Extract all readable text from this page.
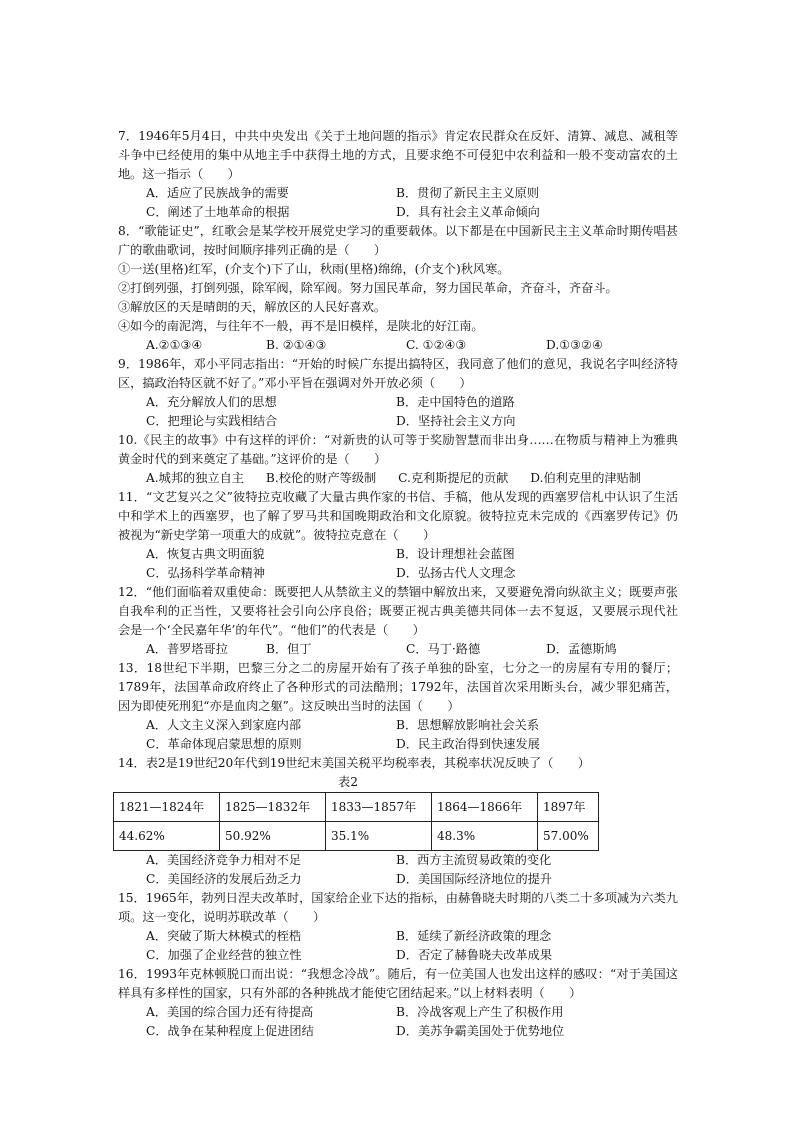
7．1946年5月4日，中共中央发出《关于土地问题的指示》肯定农民群众在反奸、清算、减息、减租等斗争中已经使用的集中从地主手中获得土地的方式，且要求绝不可侵犯中农利益和一般不变动富农的土地。这一指示（　　）
A．适应了民族战争的需要	B．贯彻了新民主主义原则
C．阐述了土地革命的根据	D．具有社会主义革命倾向
8．“歌能证史”，红歌会是某学校开展党史学习的重要载体。以下都是在中国新民主主义革命时期传唱甚广的歌曲歌词，按时间顺序排列正确的是（　　）
①一送(里格)红军，(介支个)下了山，秋雨(里格)绵绵，(介支个)秋风寒。
②打倒列强，打倒列强，除军阀，除军阀。努力国民革命，努力国民革命，齐奋斗，齐奋斗。
③解放区的天是晴朗的天，解放区的人民好喜欢。
④如今的南泥湾，与往年不一般，再不是旧模样，是陕北的好江南。
A.②①③④	B. ②①④③	C. ①②④③	D.①③②④
9．1986年，邓小平同志指出：“开始的时候广东提出搞特区，我同意了他们的意见，我说名字叫经济特区，搞政治特区就不好了。”邓小平旨在强调对外开放必须（　　）
A．充分解放人们的思想	B．走中国特色的道路
C．把理论与实践相结合	D．坚持社会主义方向
10.《民主的故事》中有这样的评价：“对新贵的认可等于奖励智慧而非出身……在物质与精神上为雅典黄金时代的到来奠定了基础。”这评价的是（　　）
A.城邦的独立自主 B.校伦的财产等级制 C.克利斯提尼的贡献 D.伯利克里的津贴制
11．“文艺复兴之父”彼特拉克收藏了大量古典作家的书信、手稿，他从发现的西塞罗信札中认识了生活中和学术上的西塞罗，也了解了罗马共和国晚期政治和文化原貌。彼特拉克未完成的《西塞罗传记》仍被视为“新史学第一项重大的成就”。彼特拉克意在（　　）
A．恢复古典文明面貌	B．设计理想社会蓝图
C．弘扬科学革命精神	D．弘扬古代人文理念
12．“他们面临着双重使命：既要把人从禁欲主义的禁锢中解放出来，又要避免滑向纵欲主义；既要声张自我牟利的正当性，又要将社会引向公序良俗；既要正视古典美德共同体一去不复返，又要展示现代社会是一个‘全民嘉年华’的年代”。“他们”的代表是（　　）
A．普罗塔哥拉	B．但丁	C．马丁·路德	D．孟德斯鸠
13．18世纪下半期，巴黎三分之二的房屋开始有了孩子单独的卧室，七分之一的房屋有专用的餐厅；1789年，法国革命政府终止了各种形式的司法酷刑；1792年，法国首次采用断头台，减少罪犯痛苦，因为即使死刑犯“亦是血肉之躯”。这反映出当时的法国（　　）
A．人文主义深入到家庭内部	B．思想解放影响社会关系
C．革命体现启蒙思想的原则	D．民主政治得到快速发展
14．表2是19世纪20年代到19世纪末美国关税平均税率表，其税率状况反映了（　　）
表2
1821—1824年	1825—1832年	1833—1857年	1864—1866年	1897年
44.62%	50.92%	35.1%	48.3%	57.00%
A．美国经济竞争力相对不足	B．西方主流贸易政策的变化
C．美国经济的发展后劲乏力	D．美国国际经济地位的提升
15．1965年，勃列日涅夫改革时，国家给企业下达的指标，由赫鲁晓夫时期的八类二十多项减为六类九项。这一变化，说明苏联改革（　　）
A．突破了斯大林模式的桎梏	B．延续了新经济政策的理念
C．加强了企业经营的独立性	D．否定了赫鲁晓夫改革成果
16．1993年克林顿脱口而出说：“我想念冷战”。随后，有一位美国人也发出这样的感叹：“对于美国这样具有多样性的国家，只有外部的各种挑战才能使它团结起来。”以上材料表明（　　）
A．美国的综合国力还有待提高	B．冷战客观上产生了积极作用
C．战争在某种程度上促进团结	D．美苏争霸美国处于优势地位
